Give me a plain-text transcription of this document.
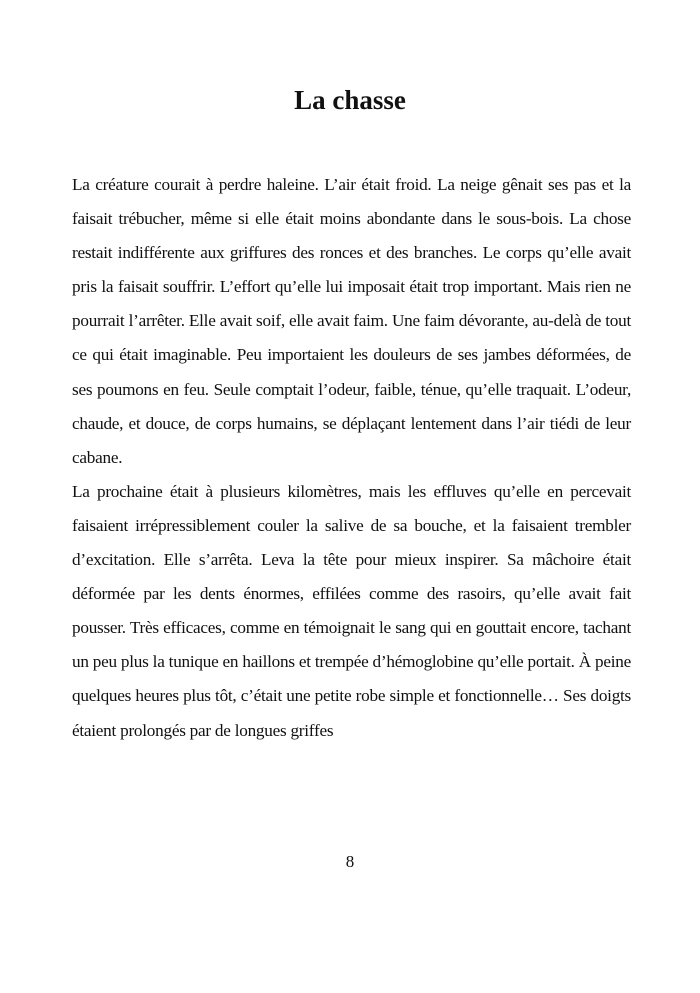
La chasse

La créature courait à perdre haleine. L’air était froid. La neige gênait ses pas et la faisait trébucher, même si elle était moins abondante dans le sous-bois. La chose restait indifférente aux griffures des ronces et des branches. Le corps qu’elle avait pris la faisait souffrir. L’effort qu’elle lui imposait était trop important. Mais rien ne pourrait l’arrêter. Elle avait soif, elle avait faim. Une faim dévorante, au-delà de tout ce qui était imaginable. Peu importaient les douleurs de ses jambes déformées, de ses poumons en feu. Seule comptait l’odeur, faible, ténue, qu’elle traquait. L’odeur, chaude, et douce, de corps humains, se déplaçant lentement dans l’air tiédi de leur cabane.

La prochaine était à plusieurs kilomètres, mais les effluves qu’elle en percevait faisaient irrépressiblement couler la salive de sa bouche, et la faisaient trembler d’excitation. Elle s’arrêta. Leva la tête pour mieux inspirer. Sa mâchoire était déformée par les dents énormes, effilées comme des rasoirs, qu’elle avait fait pousser. Très efficaces, comme en témoignait le sang qui en gouttait encore, tachant un peu plus la tunique en haillons et trempée d’hémoglobine qu’elle portait. À peine quelques heures plus tôt, c’était une petite robe simple et fonctionnelle… Ses doigts étaient prolongés par de longues griffes

8
